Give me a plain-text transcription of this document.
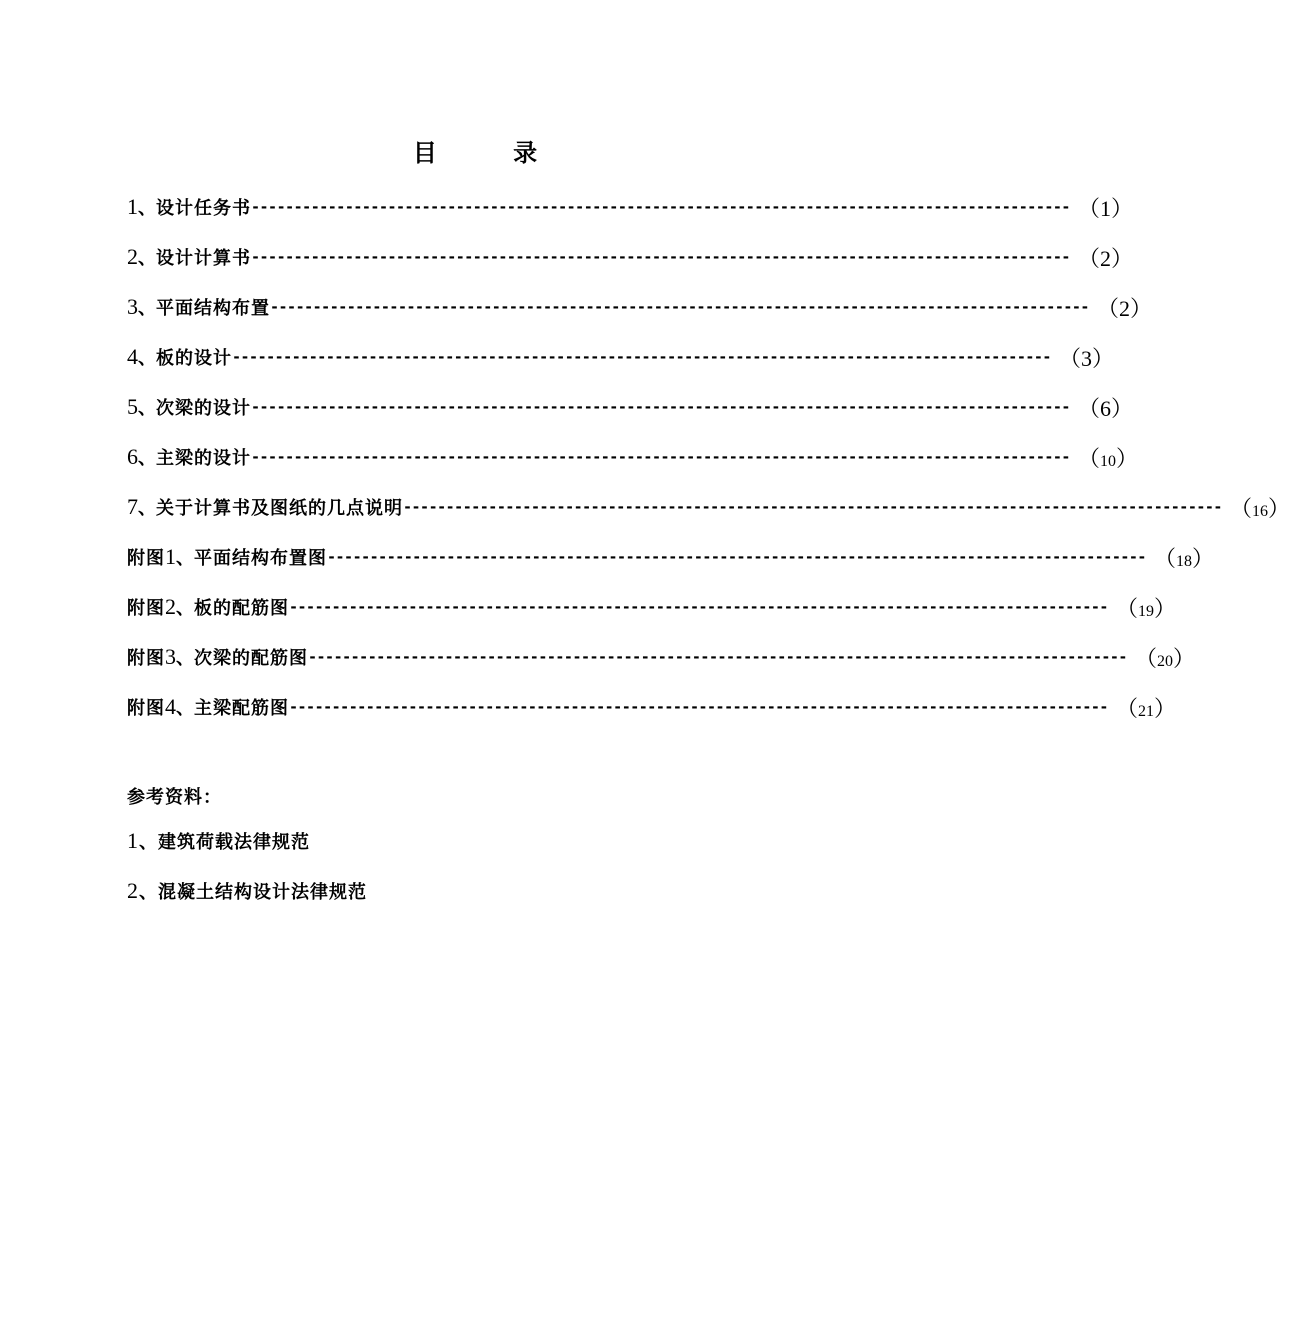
目 录
1 、 设计任务书 ------------------------------------------------------------------------------------------------ （1）
2 、 设计计算书 ------------------------------------------------------------------------------------------------ （2）
3 、 平面结构布置 ------------------------------------------------------------------------------------------------ （2）
4 、 板的设计 ------------------------------------------------------------------------------------------------ （3）
5 、 次梁的设计 ------------------------------------------------------------------------------------------------ （6）
6 、 主梁的设计 ------------------------------------------------------------------------------------------------ （10）
7 、 关于计算书及图纸的几点说明 ------------------------------------------------------------------------------------------------ （16）
附图 1 、 平面结构布置图 ------------------------------------------------------------------------------------------------ （18）
附图 2 、 板的配筋图 ------------------------------------------------------------------------------------------------ （19）
附图 3 、 次梁的配筋图 ------------------------------------------------------------------------------------------------ （20）
附图 4 、 主梁配筋图 ------------------------------------------------------------------------------------------------ （21）
参考资料：
1 、 建筑荷载法律规范
2 、 混凝土结构设计法律规范
